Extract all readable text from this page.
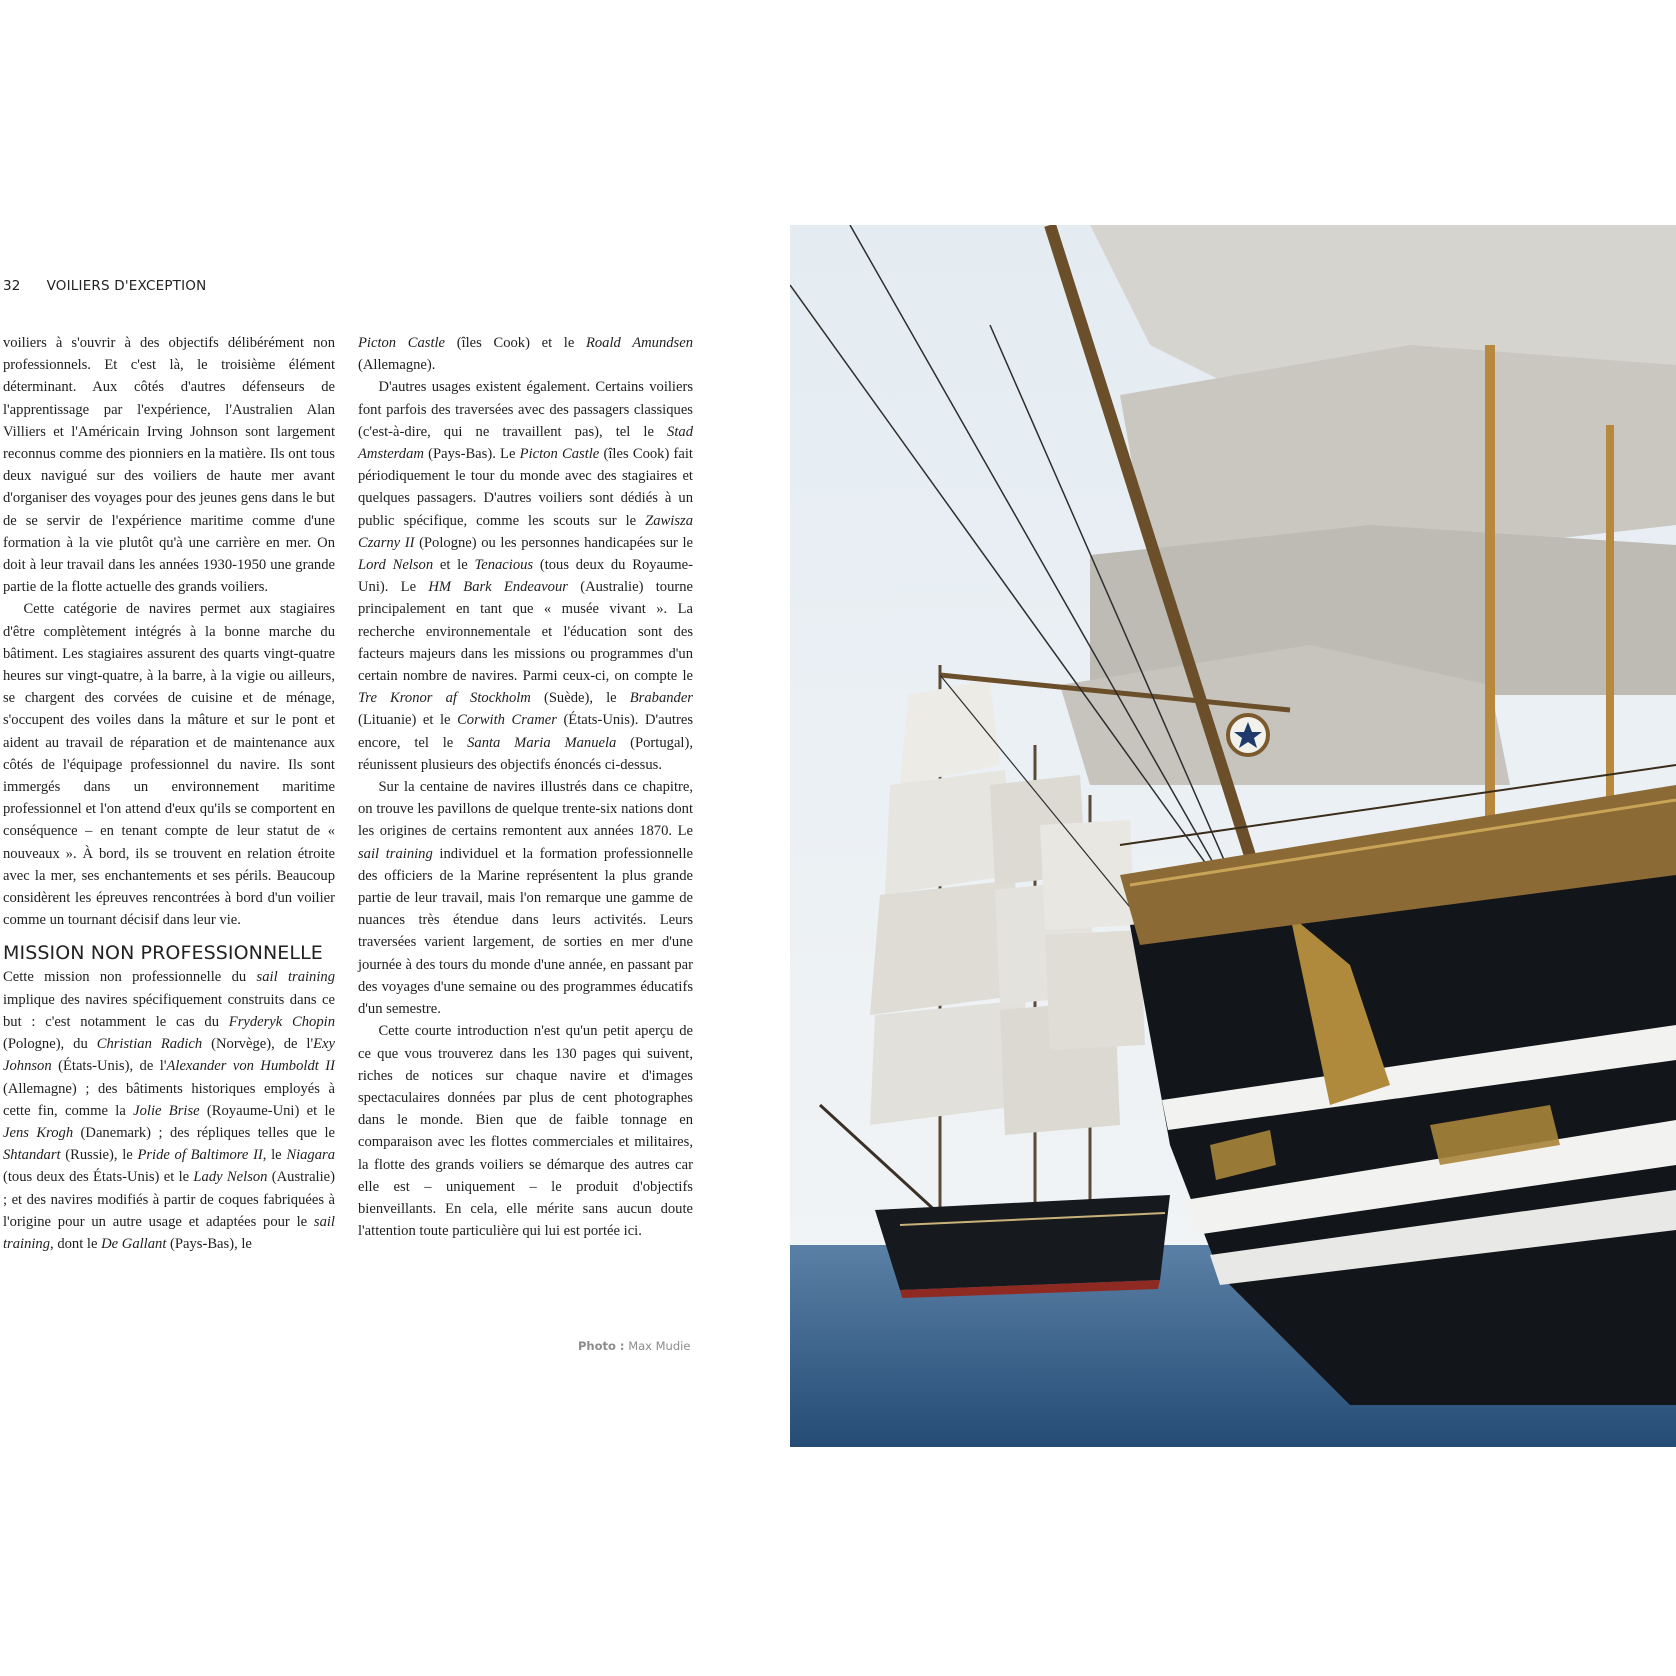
32 VOILIERS D'EXCEPTION

voiliers à s'ouvrir à des objectifs délibérément non professionnels. Et c'est là, le troisième élément déterminant. Aux côtés d'autres défenseurs de l'apprentissage par l'expérience, l'Australien Alan Villiers et l'Américain Irving Johnson sont largement reconnus comme des pionniers en la matière. Ils ont tous deux navigué sur des voiliers de haute mer avant d'organiser des voyages pour des jeunes gens dans le but de se servir de l'expérience maritime comme d'une formation à la vie plutôt qu'à une carrière en mer. On doit à leur travail dans les années 1930-1950 une grande partie de la flotte actuelle des grands voiliers.

Cette catégorie de navires permet aux stagiaires d'être complètement intégrés à la bonne marche du bâtiment. Les stagiaires assurent des quarts vingt-quatre heures sur vingt-quatre, à la barre, à la vigie ou ailleurs, se chargent des corvées de cuisine et de ménage, s'occupent des voiles dans la mâture et sur le pont et aident au travail de réparation et de maintenance aux côtés de l'équipage professionnel du navire. Ils sont immergés dans un environnement maritime professionnel et l'on attend d'eux qu'ils se comportent en conséquence – en tenant compte de leur statut de « nouveaux ». À bord, ils se trouvent en relation étroite avec la mer, ses enchantements et ses périls. Beaucoup considèrent les épreuves rencontrées à bord d'un voilier comme un tournant décisif dans leur vie.

MISSION NON PROFESSIONNELLE

Cette mission non professionnelle du sail training implique des navires spécifiquement construits dans ce but : c'est notamment le cas du Fryderyk Chopin (Pologne), du Christian Radich (Norvège), de l'Exy Johnson (États-Unis), de l'Alexander von Humboldt II (Allemagne) ; des bâtiments historiques employés à cette fin, comme la Jolie Brise (Royaume-Uni) et le Jens Krogh (Danemark) ; des répliques telles que le Shtandart (Russie), le Pride of Baltimore II, le Niagara (tous deux des États-Unis) et le Lady Nelson (Australie) ; et des navires modifiés à partir de coques fabriquées à l'origine pour un autre usage et adaptées pour le sail training, dont le De Gallant (Pays-Bas), le

Picton Castle (îles Cook) et le Roald Amundsen (Allemagne).

D'autres usages existent également. Certains voiliers font parfois des traversées avec des passagers classiques (c'est-à-dire, qui ne travaillent pas), tel le Stad Amsterdam (Pays-Bas). Le Picton Castle (îles Cook) fait périodiquement le tour du monde avec des stagiaires et quelques passagers. D'autres voiliers sont dédiés à un public spécifique, comme les scouts sur le Zawisza Czarny II (Pologne) ou les personnes handicapées sur le Lord Nelson et le Tenacious (tous deux du Royaume-Uni). Le HM Bark Endeavour (Australie) tourne principalement en tant que « musée vivant ». La recherche environnementale et l'éducation sont des facteurs majeurs dans les missions ou programmes d'un certain nombre de navires. Parmi ceux-ci, on compte le Tre Kronor af Stockholm (Suède), le Brabander (Lituanie) et le Corwith Cramer (États-Unis). D'autres encore, tel le Santa Maria Manuela (Portugal), réunissent plusieurs des objectifs énoncés ci-dessus.

Sur la centaine de navires illustrés dans ce chapitre, on trouve les pavillons de quelque trente-six nations dont les origines de certains remontent aux années 1870. Le sail training individuel et la formation professionnelle des officiers de la Marine représentent la plus grande partie de leur travail, mais l'on remarque une gamme de nuances très étendue dans leurs activités. Leurs traversées varient largement, de sorties en mer d'une journée à des tours du monde d'une année, en passant par des voyages d'une semaine ou des programmes éducatifs d'un semestre.

Cette courte introduction n'est qu'un petit aperçu de ce que vous trouverez dans les 130 pages qui suivent, riches de notices sur chaque navire et d'images spectaculaires données par plus de cent photographes dans le monde. Bien que de faible tonnage en comparaison avec les flottes commerciales et militaires, la flotte des grands voiliers se démarque des autres car elle est – uniquement – le produit d'objectifs bienveillants. En cela, elle mérite sans aucun doute l'attention toute particulière qui lui est portée ici.

Photo : Max Mudie
